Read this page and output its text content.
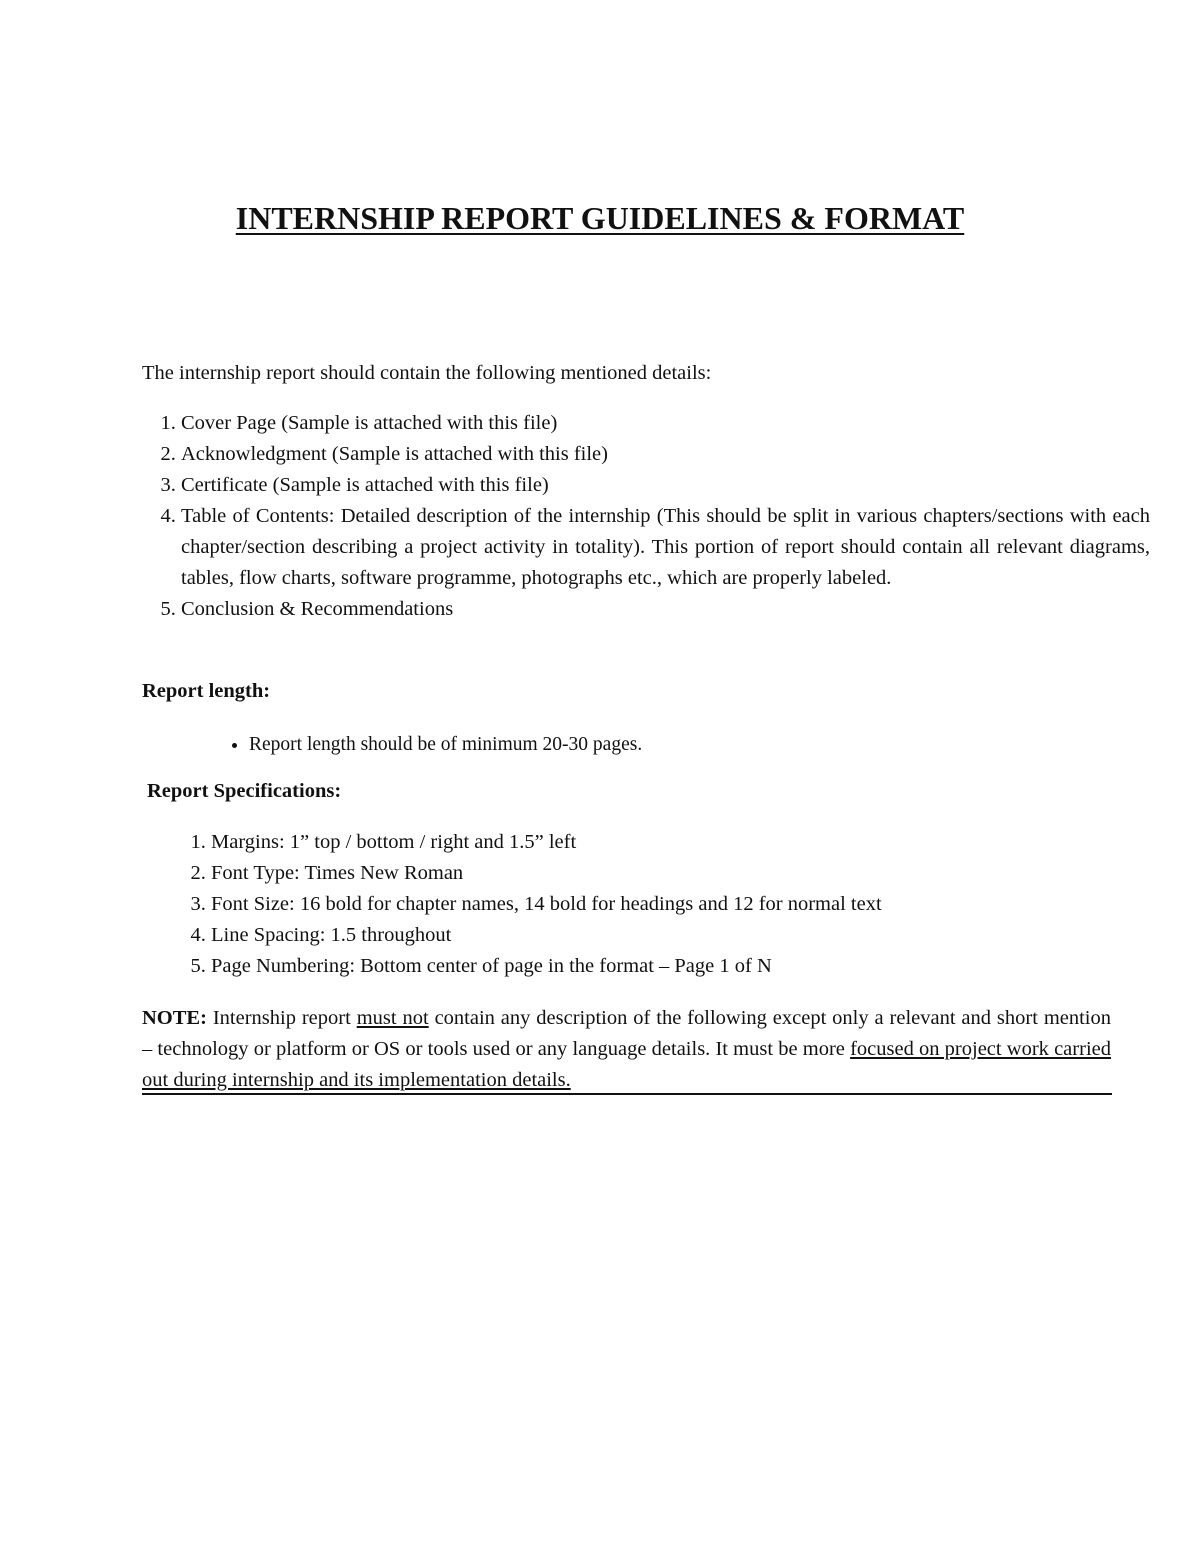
INTERNSHIP REPORT GUIDELINES & FORMAT
The internship report should contain the following mentioned details:
1. Cover Page (Sample is attached with this file)
2. Acknowledgment (Sample is attached with this file)
3. Certificate (Sample is attached with this file)
4. Table of Contents: Detailed description of the internship (This should be split in various chapters/sections with each chapter/section describing a project activity in totality). This portion of report should contain all relevant diagrams, tables, flow charts, software programme, photographs etc., which are properly labeled.
5. Conclusion & Recommendations
Report length:
• Report length should be of minimum 20-30 pages.
Report Specifications:
1. Margins: 1” top / bottom / right and 1.5” left
2. Font Type: Times New Roman
3. Font Size: 16 bold for chapter names, 14 bold for headings and 12 for normal text
4. Line Spacing: 1.5 throughout
5. Page Numbering: Bottom center of page in the format – Page 1 of N
NOTE: Internship report must not contain any description of the following except only a relevant and short mention – technology or platform or OS or tools used or any language details. It must be more focused on project work carried out during internship and its implementation details.
